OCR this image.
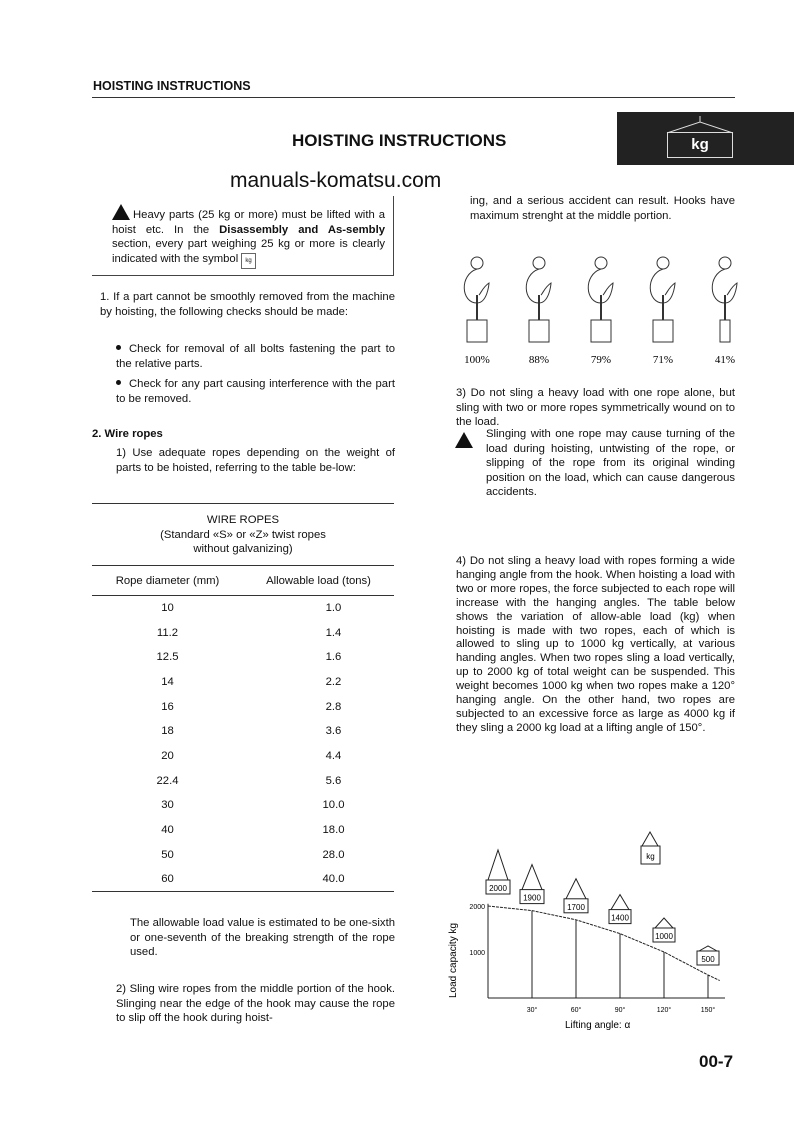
HOISTING INSTRUCTIONS
HOISTING INSTRUCTIONS	kg
manuals-komatsu.com
Heavy parts (25 kg or more) must be lifted with a hoist etc. In the Disassembly and As-sembly section, every part weighing 25 kg or more is clearly indicated with the symbol kg
1. If a part cannot be smoothly removed from the machine by hoisting, the following checks should be made:
Check for removal of all bolts fastening the part to the relative parts.
Check for any part causing interference with the part to be removed.
2. Wire ropes
1) Use adequate ropes depending on the weight of parts to be hoisted, referring to the table be-low:
WIRE ROPES
(Standard «S» or «Z» twist ropes
without galvanizing)
Rope diameter (mm)	Allowable load (tons)
10	1.0
11.2	1.4
12.5	1.6
14	2.2
16	2.8
18	3.6
20	4.4
22.4	5.6
30	10.0
40	18.0
50	28.0
60	40.0
The allowable load value is estimated to be one-sixth or one-seventh of the breaking strength of the rope used.
2) Sling wire ropes from the middle portion of the hook. Slinging near the edge of the hook may cause the rope to slip off the hook during hoist-
ing, and a serious accident can result. Hooks have maximum strenght at the middle portion.
100%	88%	79%	71%	41%
3) Do not sling a heavy load with one rope alone, but sling with two or more ropes symmetrically wound on to the load.
Slinging with one rope may cause turning of the load during hoisting, untwisting of the rope, or slipping of the rope from its original winding position on the load, which can cause dangerous accidents.
4) Do not sling a heavy load with ropes forming a wide hanging angle from the hook. When hoisting a load with two or more ropes, the force subjected to each rope will increase with the hanging angles. The table below shows the variation of allow-able load (kg) when hoisting is made with two ropes, each of which is allowed to sling up to 1000 kg vertically, at various handing angles. When two ropes sling a load vertically, up to 2000 kg of total weight can be suspended. This weight becomes 1000 kg when two ropes make a 120° hanging angle. On the other hand, two ropes are subjected to an excessive force as large as 4000 kg if they sling a 2000 kg load at a lifting angle of 150°.
2000
1900
30°
1700
60°
1400
90°
1000
120°
500
150°
2000
1000
Load capacity kg
Lifting angle: α
kg
00-7
